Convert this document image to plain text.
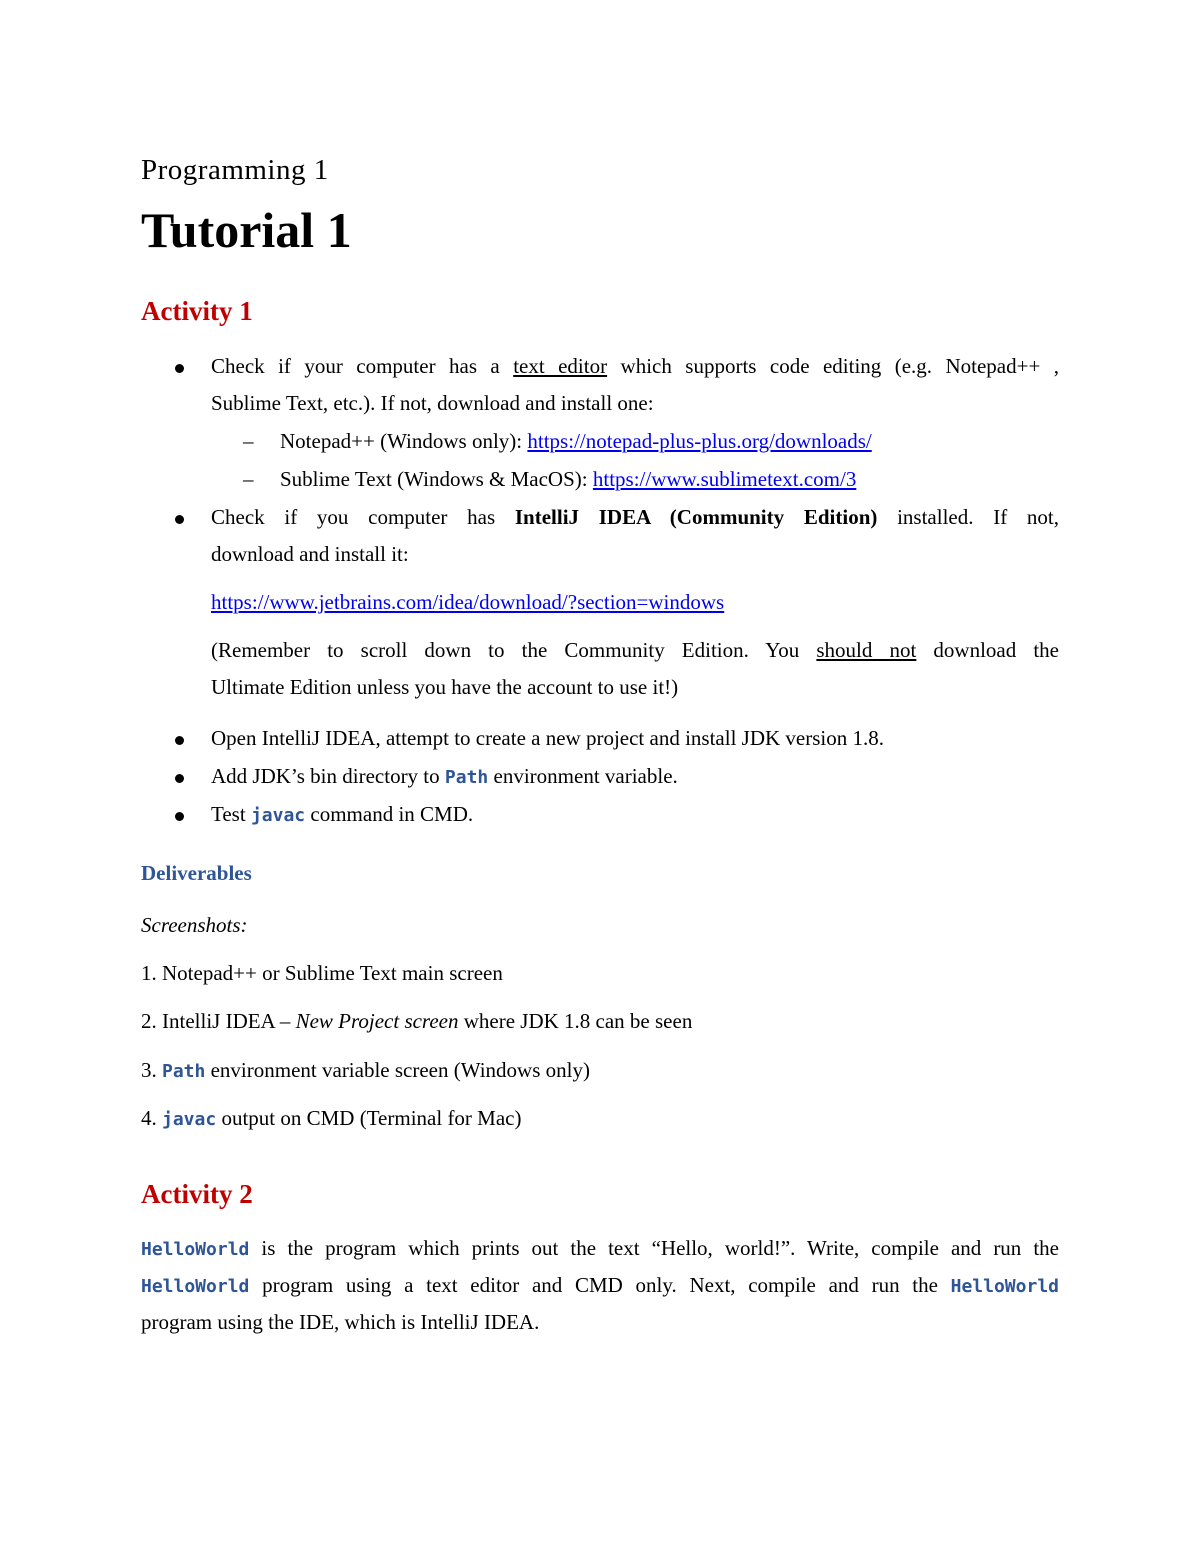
Programming 1
Tutorial 1
Activity 1
Check if your computer has a text editor which supports code editing (e.g. Notepad++ ,
Sublime Text, etc.). If not, download and install one:
– Notepad++ (Windows only): https://notepad-plus-plus.org/downloads/
– Sublime Text (Windows & MacOS): https://www.sublimetext.com/3
Check if you computer has IntelliJ IDEA (Community Edition) installed. If not,
download and install it:
https://www.jetbrains.com/idea/download/?section=windows
(Remember to scroll down to the Community Edition. You should not download the
Ultimate Edition unless you have the account to use it!)
Open IntelliJ IDEA, attempt to create a new project and install JDK version 1.8.
Add JDK’s bin directory to Path environment variable.
Test javac command in CMD.
Deliverables
Screenshots:
1. Notepad++ or Sublime Text main screen
2. IntelliJ IDEA – New Project screen where JDK 1.8 can be seen
3. Path environment variable screen (Windows only)
4. javac output on CMD (Terminal for Mac)
Activity 2
HelloWorld is the program which prints out the text “Hello, world!”. Write, compile and run the
HelloWorld program using a text editor and CMD only. Next, compile and run the HelloWorld
program using the IDE, which is IntelliJ IDEA.
